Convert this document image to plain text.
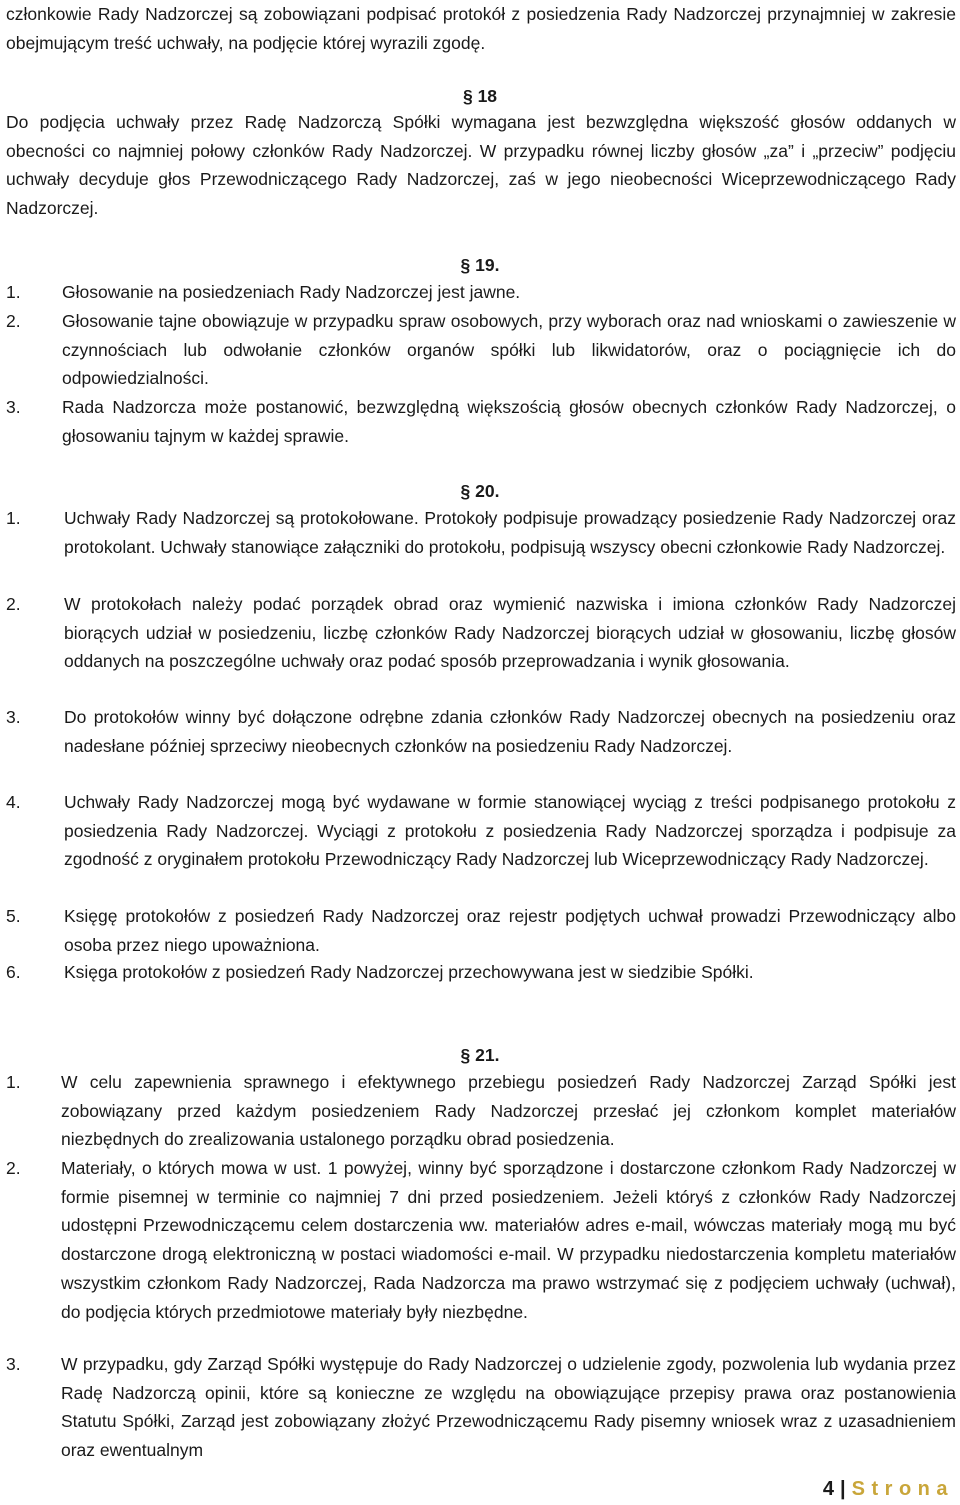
członkowie Rady Nadzorczej są zobowiązani podpisać protokół z posiedzenia Rady Nadzorczej przynajmniej w zakresie obejmującym treść uchwały, na podjęcie której wyrazili zgodę.
§ 18
Do podjęcia uchwały przez Radę Nadzorczą Spółki wymagana jest bezwzględna większość głosów oddanych w obecności co najmniej połowy członków Rady Nadzorczej. W przypadku równej liczby głosów „za” i „przeciw” podjęciu uchwały decyduje głos Przewodniczącego Rady Nadzorczej, zaś w jego nieobecności Wiceprzewodniczącego Rady Nadzorczej.
§ 19.
1.	Głosowanie na posiedzeniach Rady Nadzorczej jest jawne.
2.	Głosowanie tajne obowiązuje w przypadku spraw osobowych, przy wyborach oraz nad wnioskami o zawieszenie w czynnościach lub odwołanie członków organów spółki lub likwidatorów, oraz o pociągnięcie ich do odpowiedzialności.
3.	Rada Nadzorcza może postanowić, bezwzględną większością głosów obecnych członków Rady Nadzorczej, o głosowaniu tajnym w każdej sprawie.
§ 20.
1.	Uchwały Rady Nadzorczej są protokołowane. Protokoły podpisuje prowadzący posiedzenie Rady Nadzorczej oraz protokolant. Uchwały stanowiące załączniki do protokołu, podpisują wszyscy obecni członkowie Rady Nadzorczej.
2.	W protokołach należy podać porządek obrad oraz wymienić nazwiska i imiona członków Rady Nadzorczej biorących udział w posiedzeniu, liczbę członków Rady Nadzorczej biorących udział w głosowaniu, liczbę głosów oddanych na poszczególne uchwały oraz podać sposób przeprowadzania i wynik głosowania.
3.	Do protokołów winny być dołączone odrębne zdania członków Rady Nadzorczej obecnych na posiedzeniu oraz nadesłane później sprzeciwy nieobecnych członków na posiedzeniu Rady Nadzorczej.
4.	Uchwały Rady Nadzorczej mogą być wydawane w formie stanowiącej wyciąg z treści podpisanego protokołu z posiedzenia Rady Nadzorczej. Wyciągi z protokołu z posiedzenia Rady Nadzorczej sporządza i podpisuje za zgodność z oryginałem protokołu Przewodniczący Rady Nadzorczej lub Wiceprzewodniczący Rady Nadzorczej.
5.	Księgę protokołów z posiedzeń Rady Nadzorczej oraz rejestr podjętych uchwał prowadzi Przewodniczący albo osoba przez niego upoważniona.
6.	Księga protokołów z posiedzeń Rady Nadzorczej przechowywana jest w siedzibie Spółki.
§ 21.
1.	W celu zapewnienia sprawnego i efektywnego przebiegu posiedzeń Rady Nadzorczej Zarząd Spółki jest zobowiązany przed każdym posiedzeniem Rady Nadzorczej przesłać jej członkom komplet materiałów niezbędnych do zrealizowania ustalonego porządku obrad posiedzenia.
2.	Materiały, o których mowa w ust. 1 powyżej, winny być sporządzone i dostarczone członkom Rady Nadzorczej w formie pisemnej w terminie co najmniej 7 dni przed posiedzeniem. Jeżeli któryś z członków Rady Nadzorczej udostępni Przewodniczącemu celem dostarczenia ww. materiałów adres e-mail, wówczas materiały mogą mu być dostarczone drogą elektroniczną w postaci wiadomości e-mail. W przypadku niedostarczenia kompletu materiałów wszystkim członkom Rady Nadzorczej, Rada Nadzorcza ma prawo wstrzymać się z podjęciem uchwały (uchwał), do podjęcia których przedmiotowe materiały były niezbędne.
3.	W przypadku, gdy Zarząd Spółki występuje do Rady Nadzorczej o udzielenie zgody, pozwolenia lub wydania przez Radę Nadzorczą opinii, które są konieczne ze względu na obowiązujące przepisy prawa oraz postanowienia Statutu Spółki, Zarząd jest zobowiązany złożyć Przewodniczącemu Rady pisemny wniosek wraz z uzasadnieniem oraz ewentualnym
4 | Strona
